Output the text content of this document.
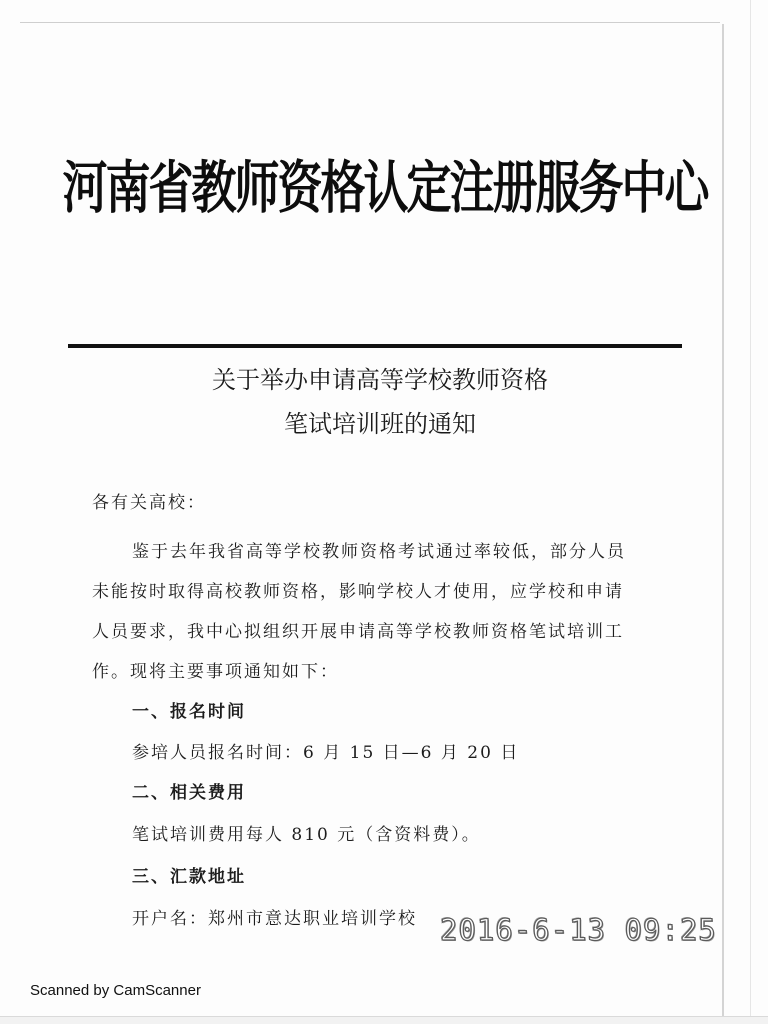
河南省教师资格认定注册服务中心
关于举办申请高等学校教师资格
笔试培训班的通知
各有关高校：
鉴于去年我省高等学校教师资格考试通过率较低，部分人员
未能按时取得高校教师资格，影响学校人才使用，应学校和申请
人员要求，我中心拟组织开展申请高等学校教师资格笔试培训工
作。现将主要事项通知如下：
一、报名时间
参培人员报名时间：6 月 15 日—6 月 20 日
二、相关费用
笔试培训费用每人 810 元（含资料费）。
三、汇款地址
开户名：郑州市意达职业培训学校 2016-6-13 09:25
Scanned by CamScanner
